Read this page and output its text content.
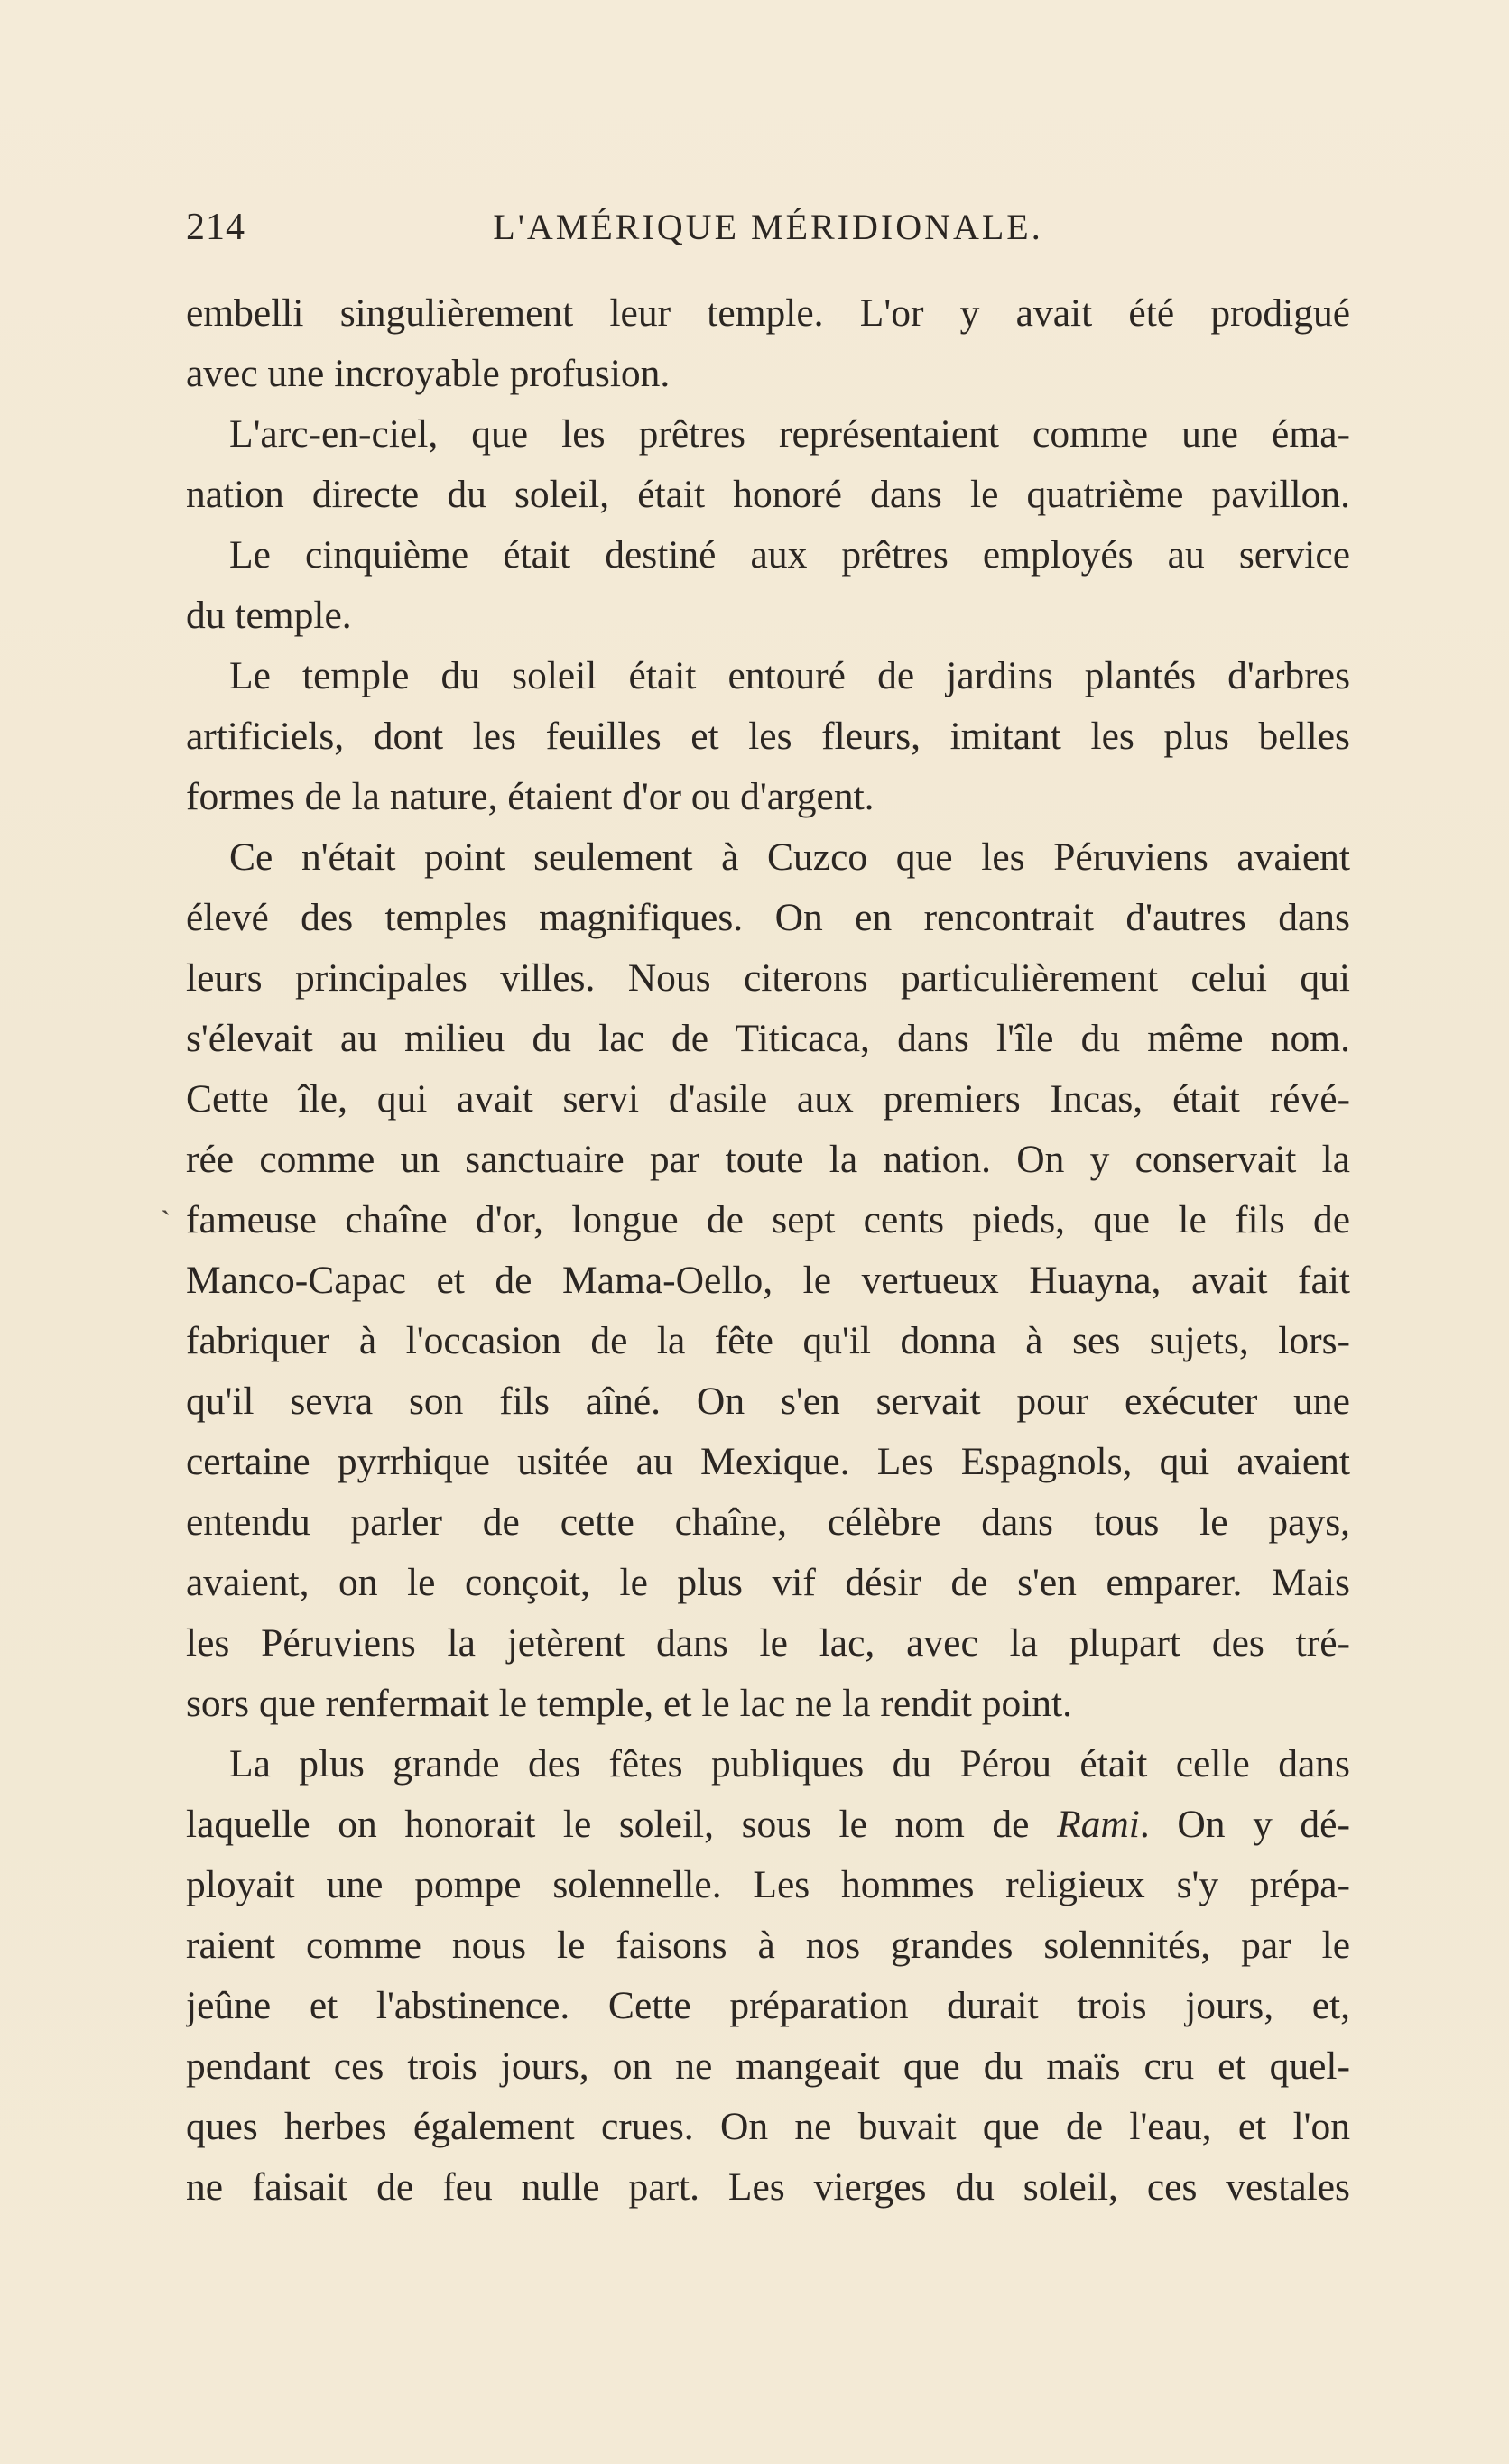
214	L'AMÉRIQUE MÉRIDIONALE.
`
embelli singulièrement leur temple. L'or y avait été prodigué
avec une incroyable profusion.
L'arc-en-ciel, que les prêtres représentaient comme une éma-
nation directe du soleil, était honoré dans le quatrième pavillon.
Le cinquième était destiné aux prêtres employés au service
du temple.
Le temple du soleil était entouré de jardins plantés d'arbres
artificiels, dont les feuilles et les fleurs, imitant les plus belles
formes de la nature, étaient d'or ou d'argent.
Ce n'était point seulement à Cuzco que les Péruviens avaient
élevé des temples magnifiques. On en rencontrait d'autres dans
leurs principales villes. Nous citerons particulièrement celui qui
s'élevait au milieu du lac de Titicaca, dans l'île du même nom.
Cette île, qui avait servi d'asile aux premiers Incas, était révé-
rée comme un sanctuaire par toute la nation. On y conservait la
fameuse chaîne d'or, longue de sept cents pieds, que le fils de
Manco-Capac et de Mama-Oello, le vertueux Huayna, avait fait
fabriquer à l'occasion de la fête qu'il donna à ses sujets, lors-
qu'il sevra son fils aîné. On s'en servait pour exécuter une
certaine pyrrhique usitée au Mexique. Les Espagnols, qui avaient
entendu parler de cette chaîne, célèbre dans tous le pays,
avaient, on le conçoit, le plus vif désir de s'en emparer. Mais
les Péruviens la jetèrent dans le lac, avec la plupart des tré-
sors que renfermait le temple, et le lac ne la rendit point.
La plus grande des fêtes publiques du Pérou était celle dans
laquelle on honorait le soleil, sous le nom de Rami. On y dé-
ployait une pompe solennelle. Les hommes religieux s'y prépa-
raient comme nous le faisons à nos grandes solennités, par le
jeûne et l'abstinence. Cette préparation durait trois jours, et,
pendant ces trois jours, on ne mangeait que du maïs cru et quel-
ques herbes également crues. On ne buvait que de l'eau, et l'on
ne faisait de feu nulle part. Les vierges du soleil, ces vestales
